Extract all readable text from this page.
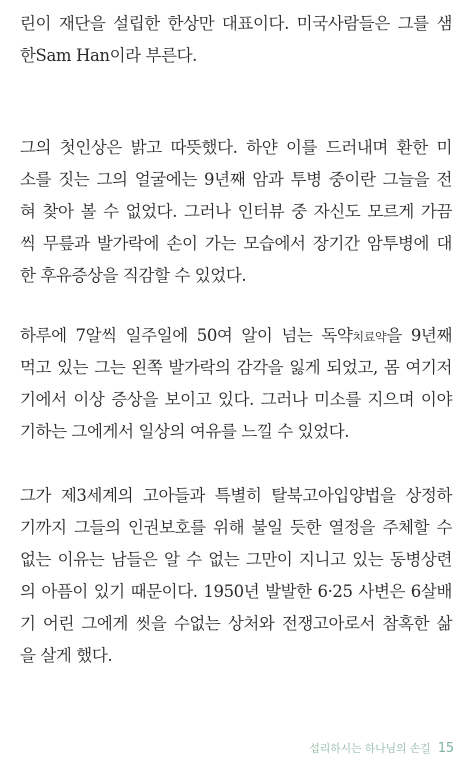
린이 재단을 설립한 한상만 대표이다. 미국사람들은 그를 샘
한Sam Han이라 부른다.
그의 첫인상은 밝고 따뜻했다. 하얀 이를 드러내며 환한 미
소를 짓는 그의 얼굴에는 9년째 암과 투병 중이란 그늘을 전
혀 찾아 볼 수 없었다. 그러나 인터뷰 중 자신도 모르게 가끔
씩 무릎과 발가락에 손이 가는 모습에서 장기간 암투병에 대
한 후유증상을 직감할 수 있었다.
하루에 7알씩 일주일에 50여 알이 넘는 독약치료약을 9년째
먹고 있는 그는 왼쪽 발가락의 감각을 잃게 되었고, 몸 여기저
기에서 이상 증상을 보이고 있다. 그러나 미소를 지으며 이야
기하는 그에게서 일상의 여유를 느낄 수 있었다.
그가 제3세계의 고아들과 특별히 탈북고아입양법을 상정하
기까지 그들의 인권보호를 위해 불일 듯한 열정을 주체할 수
없는 이유는 남들은 알 수 없는 그만이 지니고 있는 동병상련
의 아픔이 있기 때문이다. 1950년 발발한 6·25 사변은 6살배
기 어린 그에게 씻을 수없는 상처와 전쟁고아로서 참혹한 삶
을 살게 했다.
섭리하시는 하나님의 손길 15
